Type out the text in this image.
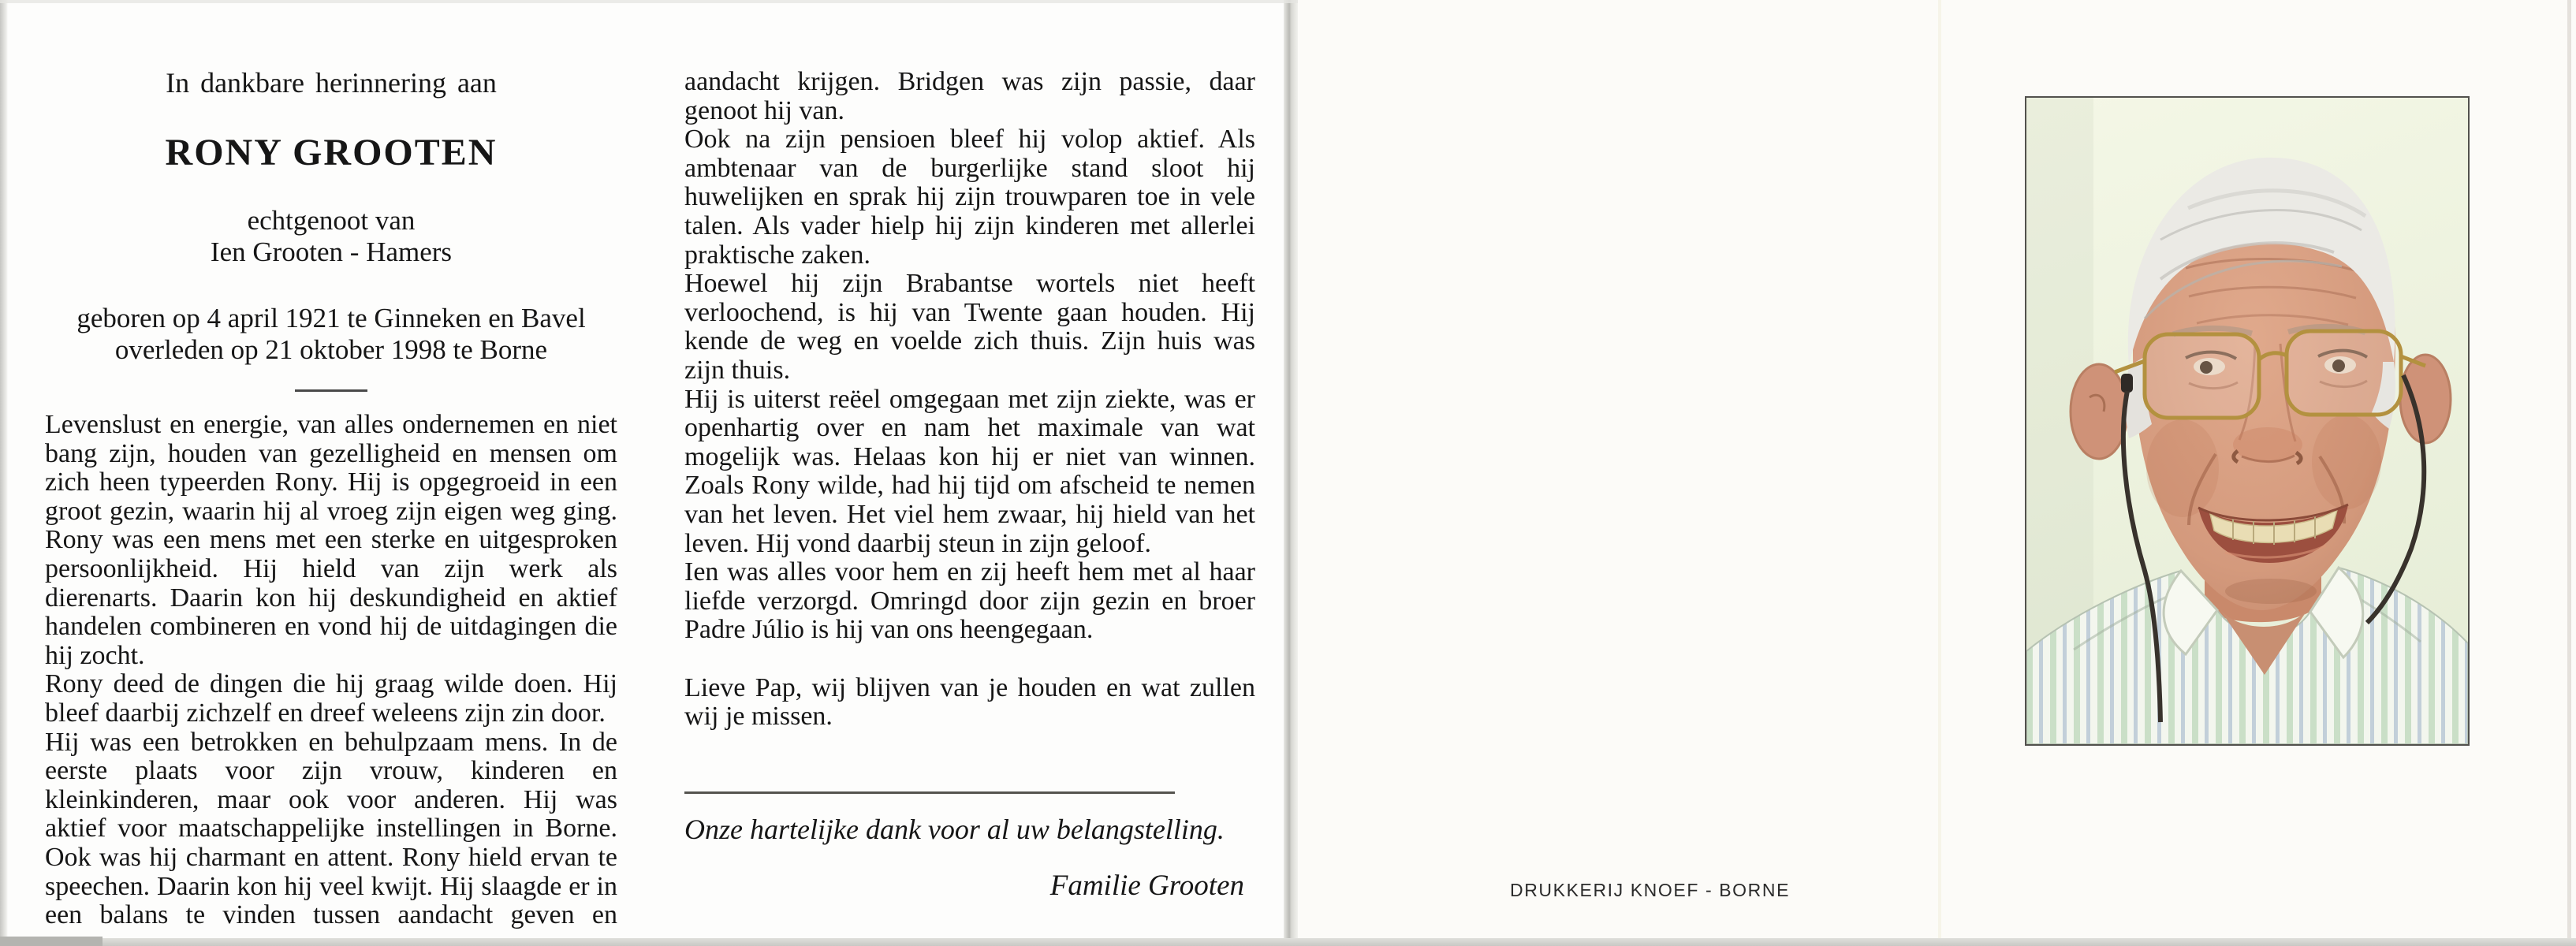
In dankbare herinnering aan
RONY GROOTEN
echtgenoot van
Ien Grooten - Hamers
geboren op 4 april 1921 te Ginneken en Bavel
overleden op 21 oktober 1998 te Borne

Levenslust en energie, van alles ondernemen en niet bang zijn, houden van gezelligheid en mensen om zich heen typeerden Rony. Hij is opgegroeid in een groot gezin, waarin hij al vroeg zijn eigen weg ging. Rony was een mens met een sterke en uitgesproken persoonlijkheid. Hij hield van zijn werk als dierenarts. Daarin kon hij deskundigheid en aktief handelen combineren en vond hij de uitdagingen die hij zocht.

Rony deed de dingen die hij graag wilde doen. Hij bleef daarbij zichzelf en dreef weleens zijn zin door.

Hij was een betrokken en behulpzaam mens. In de eerste plaats voor zijn vrouw, kinderen en kleinkinderen, maar ook voor anderen. Hij was aktief voor maatschappelijke instellingen in Borne. Ook was hij charmant en attent. Rony hield ervan te speechen. Daarin kon hij veel kwijt. Hij slaagde er in een balans te vinden tussen aandacht geven en

aandacht krijgen. Bridgen was zijn passie, daar genoot hij van.

Ook na zijn pensioen bleef hij volop aktief. Als ambtenaar van de burgerlijke stand sloot hij huwelijken en sprak hij zijn trouwparen toe in vele talen. Als vader hielp hij zijn kinderen met allerlei praktische zaken.

Hoewel hij zijn Brabantse wortels niet heeft verloochend, is hij van Twente gaan houden. Hij kende de weg en voelde zich thuis. Zijn huis was zijn thuis.

Hij is uiterst reëel omgegaan met zijn ziekte, was er openhartig over en nam het maximale van wat mogelijk was. Helaas kon hij er niet van winnen. Zoals Rony wilde, had hij tijd om afscheid te nemen van het leven. Het viel hem zwaar, hij hield van het leven. Hij vond daarbij steun in zijn geloof.

Ien was alles voor hem en zij heeft hem met al haar liefde verzorgd. Omringd door zijn gezin en broer Padre Júlio is hij van ons heengegaan.

Lieve Pap, wij blijven van je houden en wat zullen wij je missen.

Onze hartelijke dank voor al uw belangstelling.
Familie Grooten	DRUKKERIJ KNOEF - BORNE
